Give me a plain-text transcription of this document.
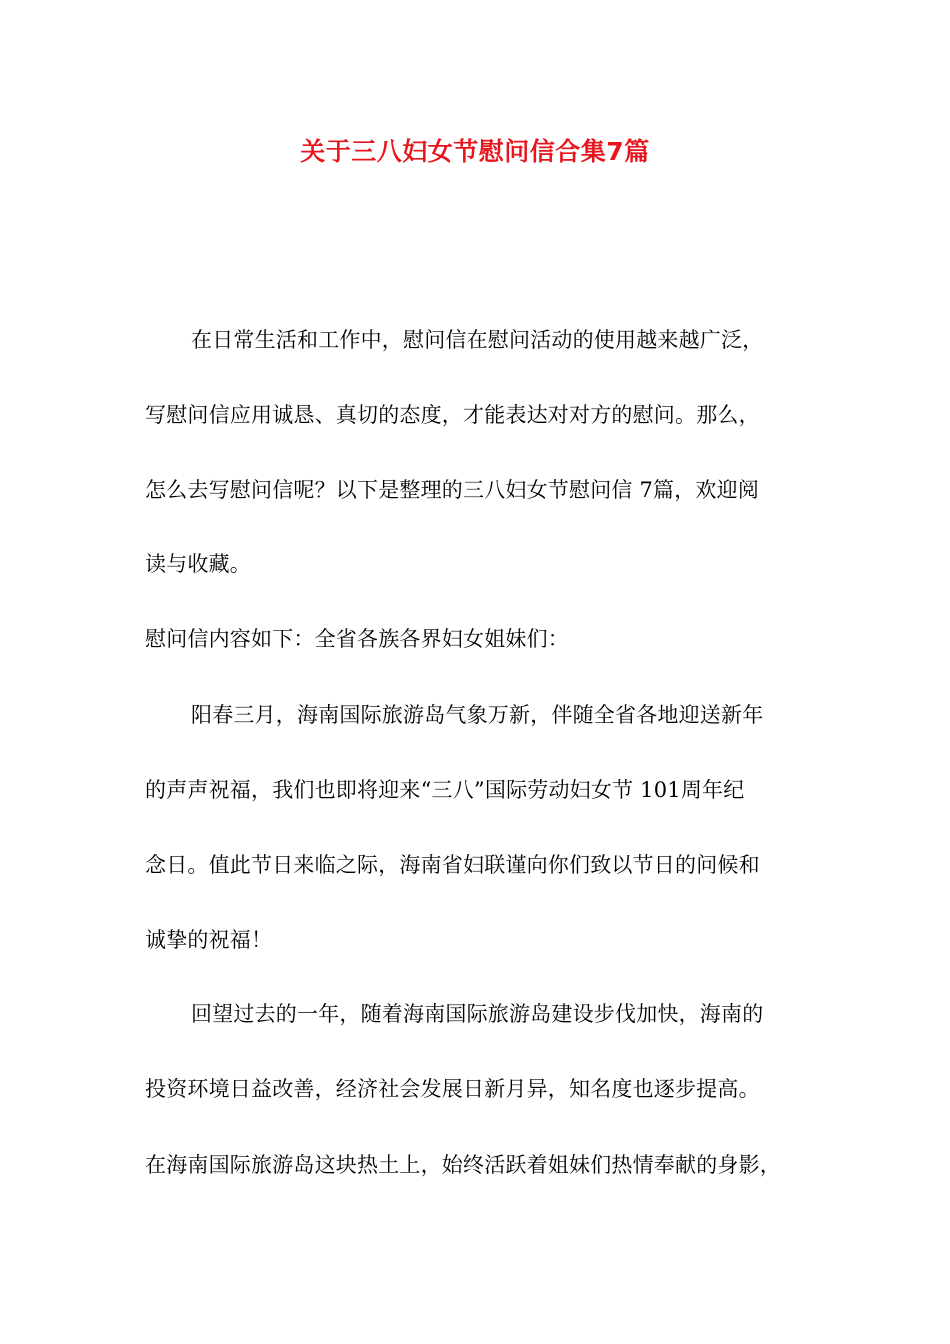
关于三八妇女节慰问信合集7篇
在日常生活和工作中，慰问信在慰问活动的使用越来越广泛，
写慰问信应用诚恳、真切的态度，才能表达对对方的慰问。那么，
怎么去写慰问信呢？以下是整理的三八妇女节慰问信 7篇，欢迎阅
读与收藏。
慰问信内容如下：全省各族各界妇女姐妹们：
阳春三月，海南国际旅游岛气象万新，伴随全省各地迎送新年
的声声祝福，我们也即将迎来“三八”国际劳动妇女节 101周年纪
念日。值此节日来临之际，海南省妇联谨向你们致以节日的问候和
诚挚的祝福！
回望过去的一年，随着海南国际旅游岛建设步伐加快，海南的
投资环境日益改善，经济社会发展日新月异，知名度也逐步提高。
在海南国际旅游岛这块热土上，始终活跃着姐妹们热情奉献的身影，
